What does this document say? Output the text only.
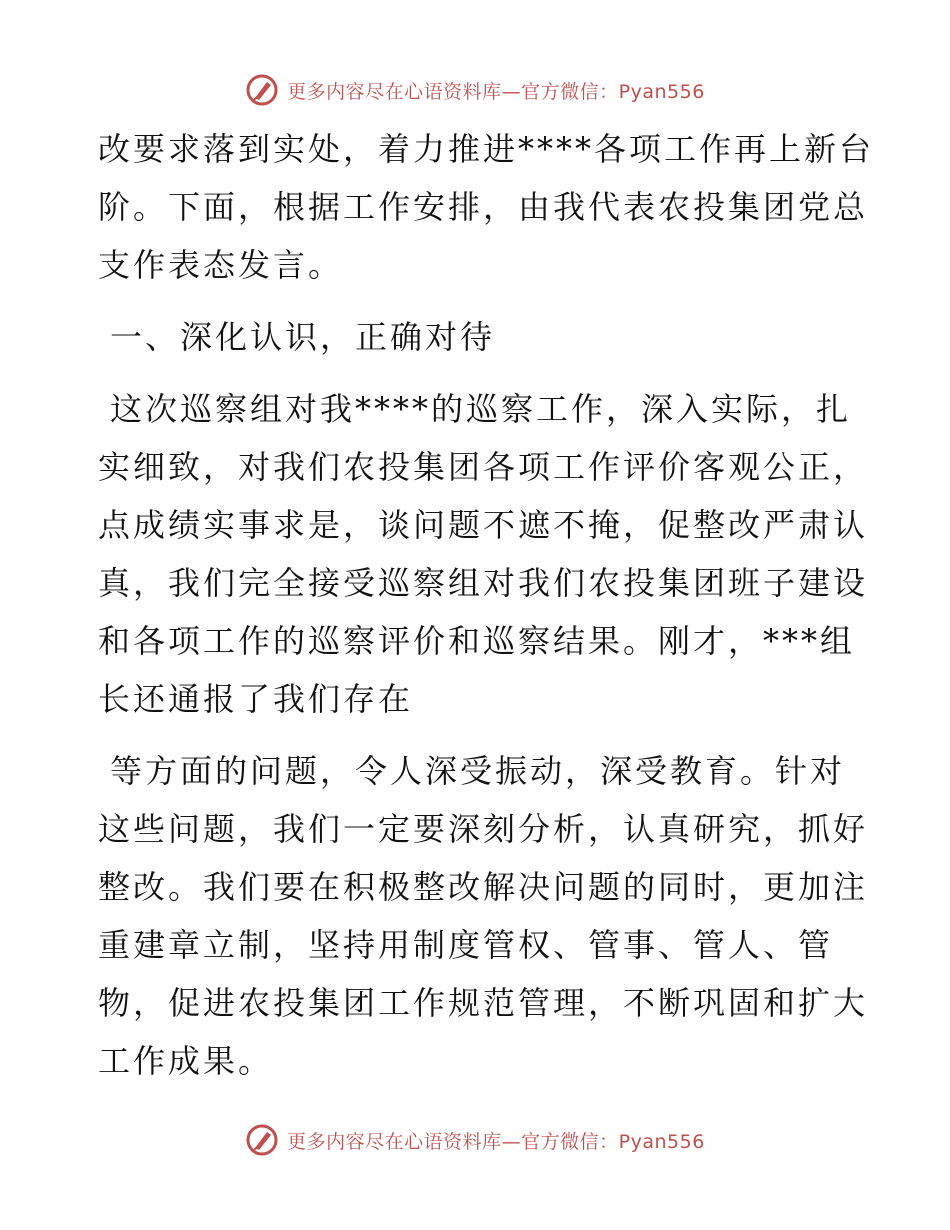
更多内容尽在心语资料库—官方微信：Pyan556
改要求落到实处，着力推进****各项工作再上新台
阶。下面，根据工作安排，由我代表农投集团党总
支作表态发言。
一、深化认识，正确对待
这次巡察组对我****的巡察工作，深入实际，扎
实细致，对我们农投集团各项工作评价客观公正，
点成绩实事求是，谈问题不遮不掩，促整改严肃认
真，我们完全接受巡察组对我们农投集团班子建设
和各项工作的巡察评价和巡察结果。刚才，***组
长还通报了我们存在
等方面的问题，令人深受振动，深受教育。针对
这些问题，我们一定要深刻分析，认真研究，抓好
整改。我们要在积极整改解决问题的同时，更加注
重建章立制，坚持用制度管权、管事、管人、管
物，促进农投集团工作规范管理，不断巩固和扩大
工作成果。
更多内容尽在心语资料库—官方微信：Pyan556
